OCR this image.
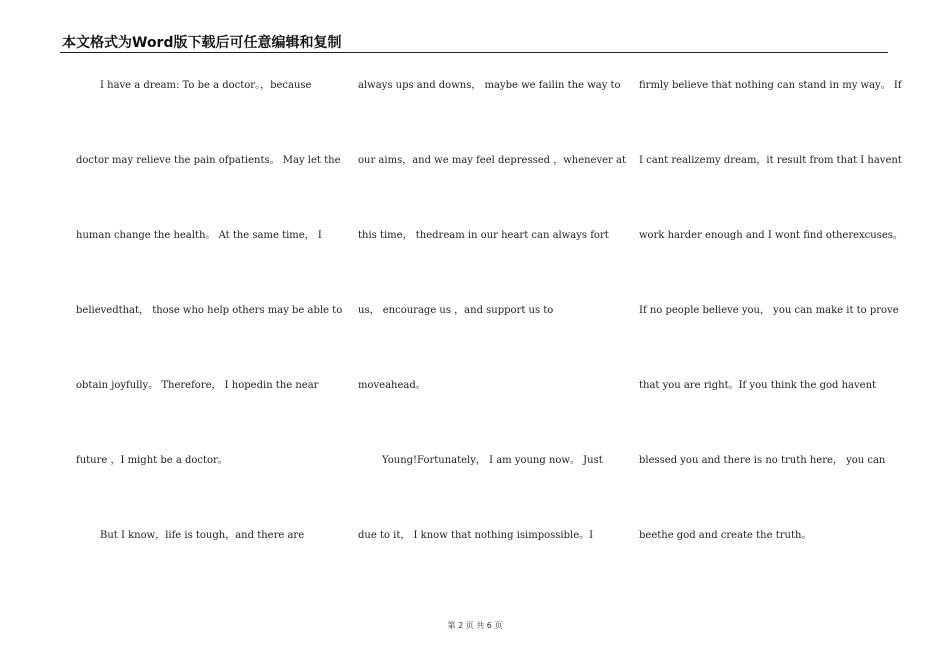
本文格式为Word版下载后可任意编辑和复制
I have a dream: To be a doctor。，because
doctor may relieve the pain ofpatients。 May let the
human change the health。 At the same time， I
believedthat， those who help others may be able to
obtain joyfully。 Therefore， I hopedin the near
future ，I might be a doctor。
But I know，life is tough，and there are
always ups and downs， maybe we failin the way to
our aims，and we may feel depressed ，whenever at
this time， thedream in our heart can always fort
us， encourage us ，and support us to
moveahead。
Young!Fortunately， I am young now。 Just
due to it， I know that nothing isimpossible。I
firmly believe that nothing can stand in my way。 If
I cant realizemy dream，it result from that I havent
work harder enough and I wont find otherexcuses。
If no people believe you， you can make it to prove
that you are right。If you think the god havent
blessed you and there is no truth here， you can
beethe god and create the truth。
第 2 页 共 6 页
